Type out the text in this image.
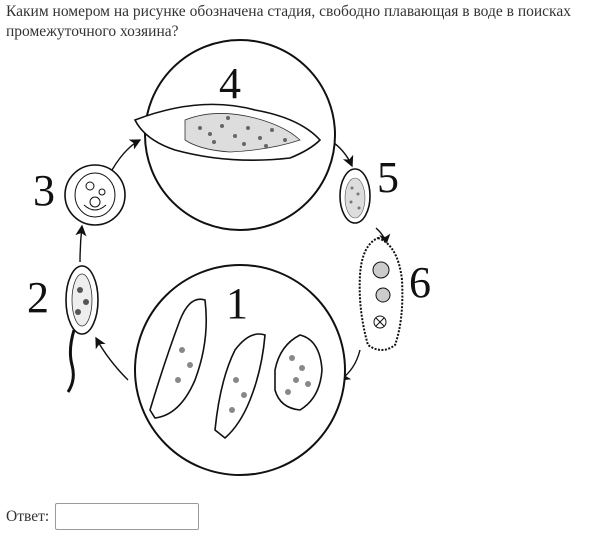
Каким номером на рисунке обозначена стадия, свободно плавающая в воде в поисках промежуточного хозяина?

1
2
3
4
5
6
Ответ:
